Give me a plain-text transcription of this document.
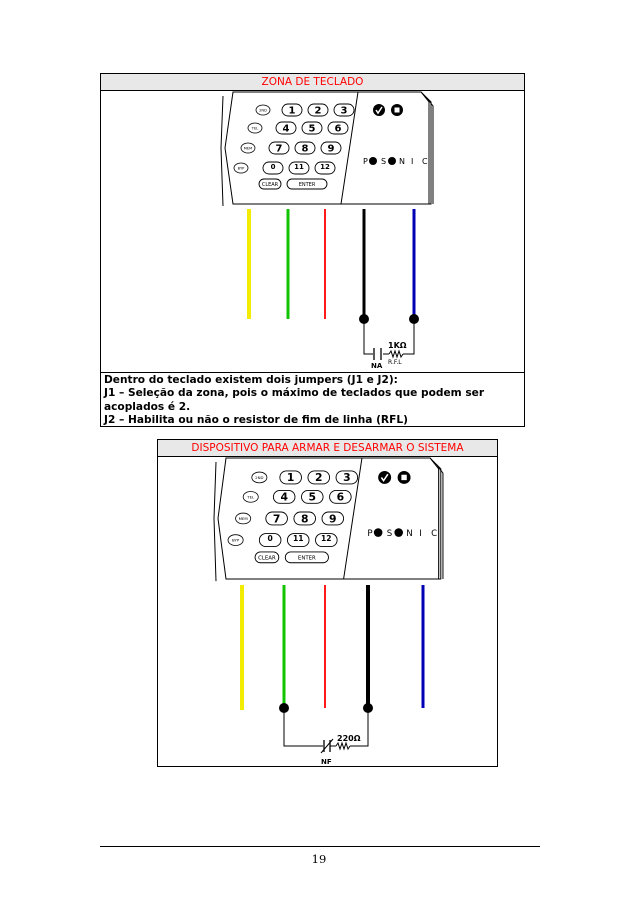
ZONA DE TECLADO
P S N I C
2ND
TEL
MEM
BYP
1 2 3
4 5 6
7 8 9
0	11 12
CLEAR	ENTER
1KΩ
R.F.L
NA
Dentro do teclado existem dois jumpers (J1 e J2):
J1 – Seleção da zona, pois o máximo de teclados que podem ser
acoplados é 2.
J2 – Habilita ou não o resistor de fim de linha (RFL)
DISPOSITIVO PARA ARMAR E DESARMAR O SISTEMA
P S N I C
2ND
TEL
MEM
BYP
1 2 3
4 5 6
7 8 9
0	11 12
CLEAR	ENTER
220Ω
NF
19
